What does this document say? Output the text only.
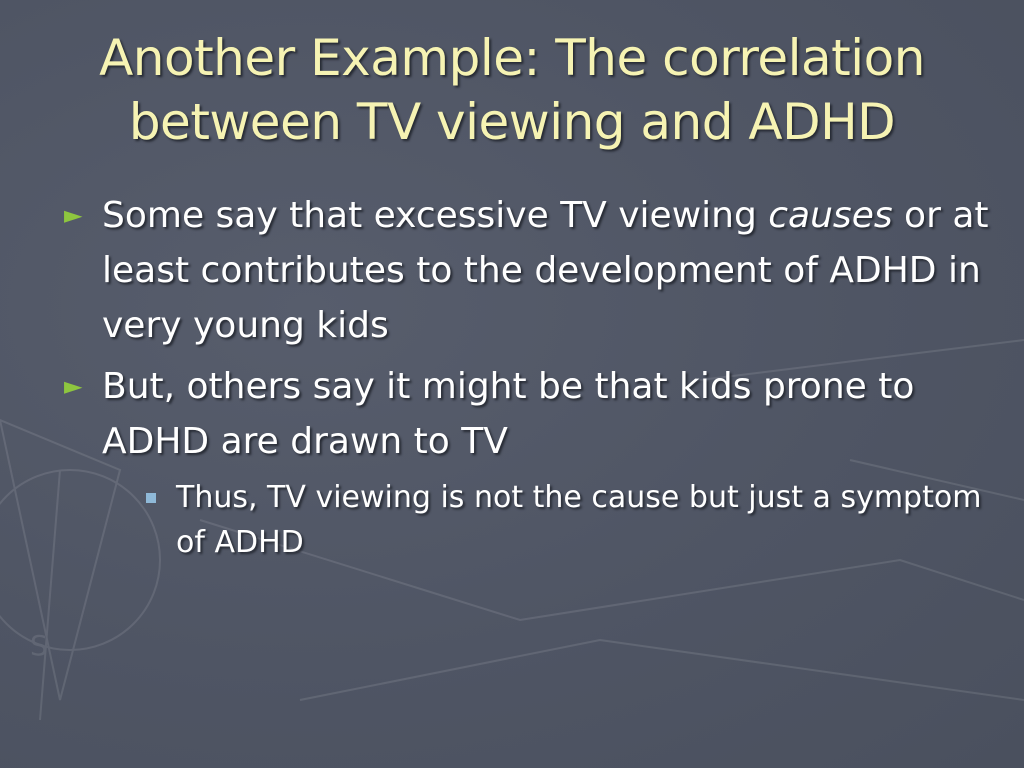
S
Another Example: The correlation
between TV viewing and ADHD
► Some say that excessive TV viewing causes or at least contributes to the development of ADHD in very young kids
► But, others say it might be that kids prone to ADHD are drawn to TV
Thus, TV viewing is not the cause but just a symptom of ADHD
